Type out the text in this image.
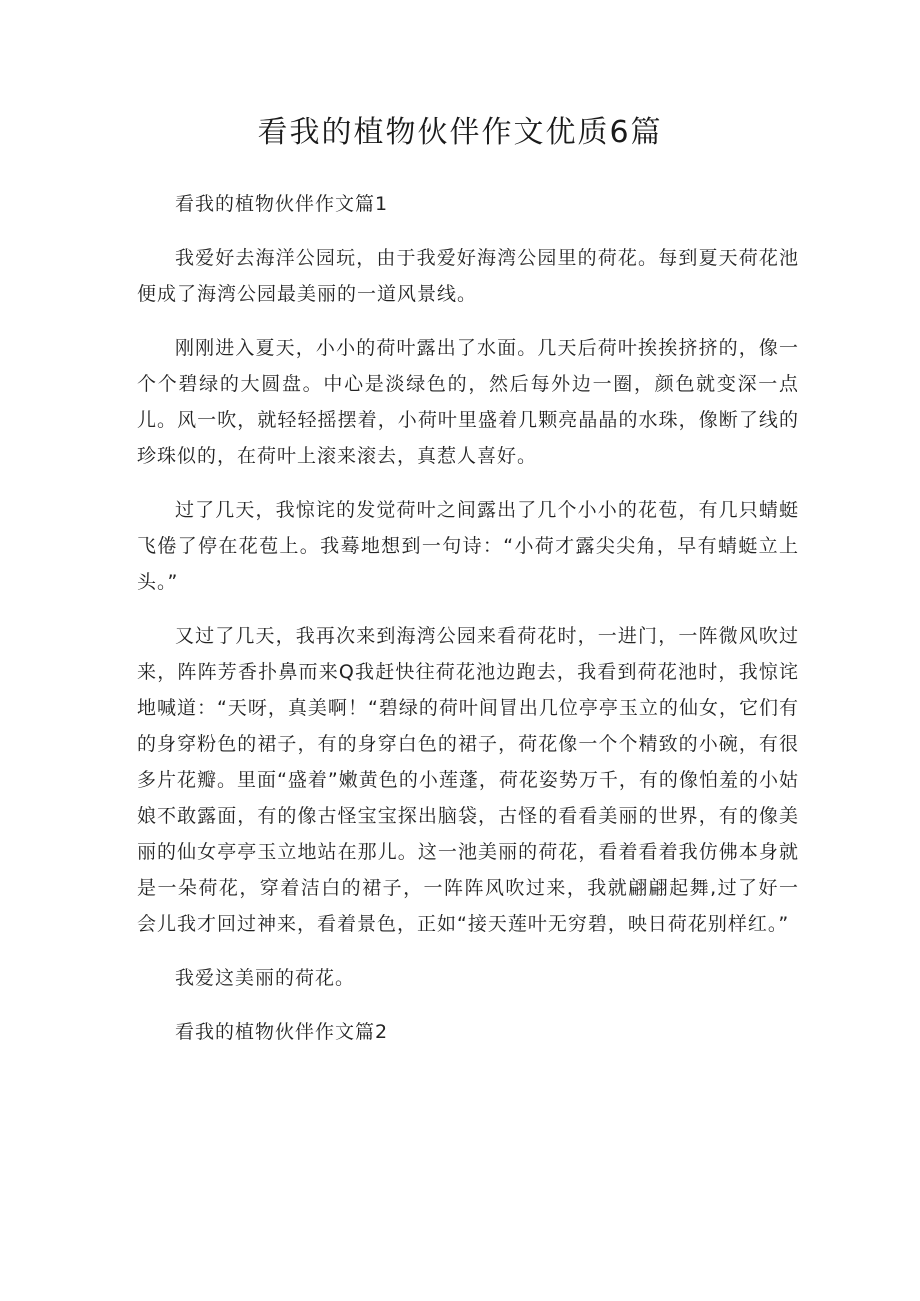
看我的植物伙伴作文优质6篇

看我的植物伙伴作文篇1

我爱好去海洋公园玩，由于我爱好海湾公园里的荷花。每到夏天荷花池便成了海湾公园最美丽的一道风景线。

刚刚进入夏天，小小的荷叶露出了水面。几天后荷叶挨挨挤挤的，像一个个碧绿的大圆盘。中心是淡绿色的，然后每外边一圈，颜色就变深一点儿。风一吹，就轻轻摇摆着，小荷叶里盛着几颗亮晶晶的水珠，像断了线的珍珠似的，在荷叶上滚来滚去，真惹人喜好。

过了几天，我惊诧的发觉荷叶之间露出了几个小小的花苞，有几只蜻蜓飞倦了停在花苞上。我蓦地想到一句诗：“小荷才露尖尖角，早有蜻蜓立上头。”

又过了几天，我再次来到海湾公园来看荷花时，一进门，一阵微风吹过来，阵阵芳香扑鼻而来Q我赶快往荷花池边跑去，我看到荷花池时，我惊诧地喊道：“天呀，真美啊！“碧绿的荷叶间冒出几位亭亭玉立的仙女，它们有的身穿粉色的裙子，有的身穿白色的裙子，荷花像一个个精致的小碗，有很多片花瓣。里面“盛着”嫩黄色的小莲蓬，荷花姿势万千，有的像怕羞的小姑娘不敢露面，有的像古怪宝宝探出脑袋，古怪的看看美丽的世界，有的像美丽的仙女亭亭玉立地站在那儿。这一池美丽的荷花，看着看着我仿佛本身就是一朵荷花，穿着洁白的裙子，一阵阵风吹过来，我就翩翩起舞,过了好一会儿我才回过神来，看着景色，正如“接天莲叶无穷碧，映日荷花别样红。”

我爱这美丽的荷花。

看我的植物伙伴作文篇2
